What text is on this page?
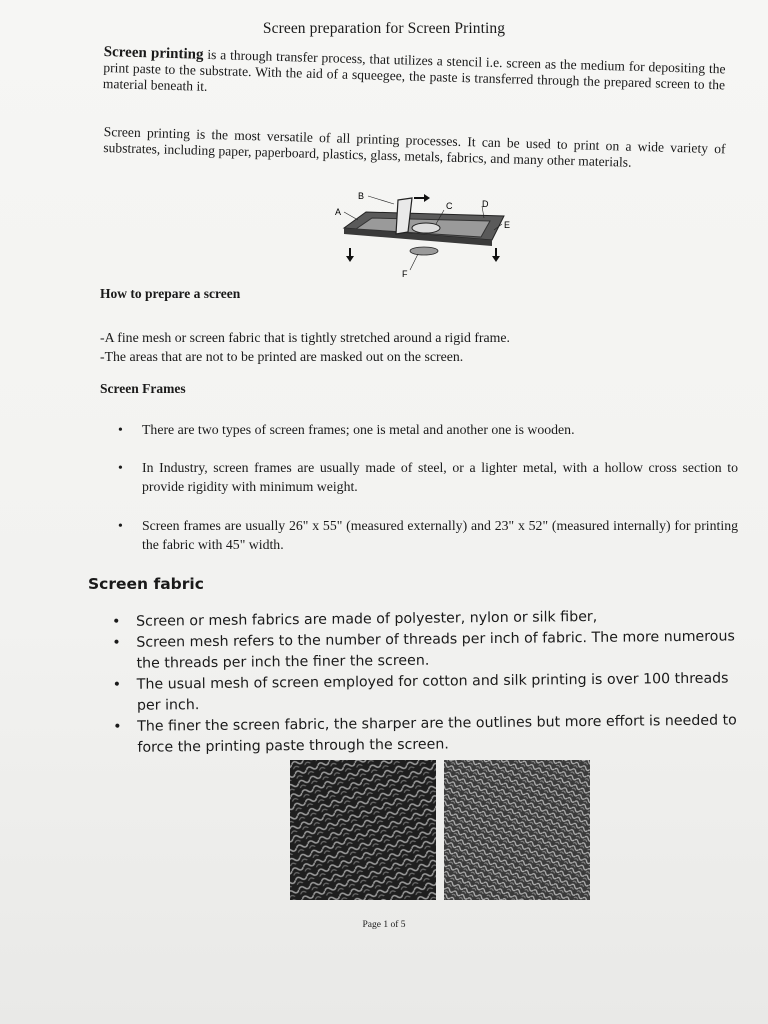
Screen preparation for Screen Printing
Screen printing is a through transfer process, that utilizes a stencil i.e. screen as the medium for depositing the print paste to the substrate. With the aid of a squeegee, the paste is transferred through the prepared screen to the material beneath it.
Screen printing is the most versatile of all printing processes. It can be used to print on a wide variety of substrates, including paper, paperboard, plastics, glass, metals, fabrics, and many other materials.
A
B
C	D
E
F
How to prepare a screen
-A fine mesh or screen fabric that is tightly stretched around a rigid frame.
-The areas that are not to be printed are masked out on the screen.
Screen Frames
• There are two types of screen frames; one is metal and another one is wooden.
• In Industry, screen frames are usually made of steel, or a lighter metal, with a hollow cross section to provide rigidity with minimum weight.
• Screen frames are usually 26" x 55" (measured externally) and 23" x 52" (measured internally) for printing the fabric with 45" width.
Screen fabric
• Screen or mesh fabrics are made of polyester, nylon or silk fiber,
• Screen mesh refers to the number of threads per inch of fabric. The more numerous the threads per inch the finer the screen.
• The usual mesh of screen employed for cotton and silk printing is over 100 threads per inch.
• The finer the screen fabric, the sharper are the outlines but more effort is needed to force the printing paste through the screen.
Page 1 of 5
